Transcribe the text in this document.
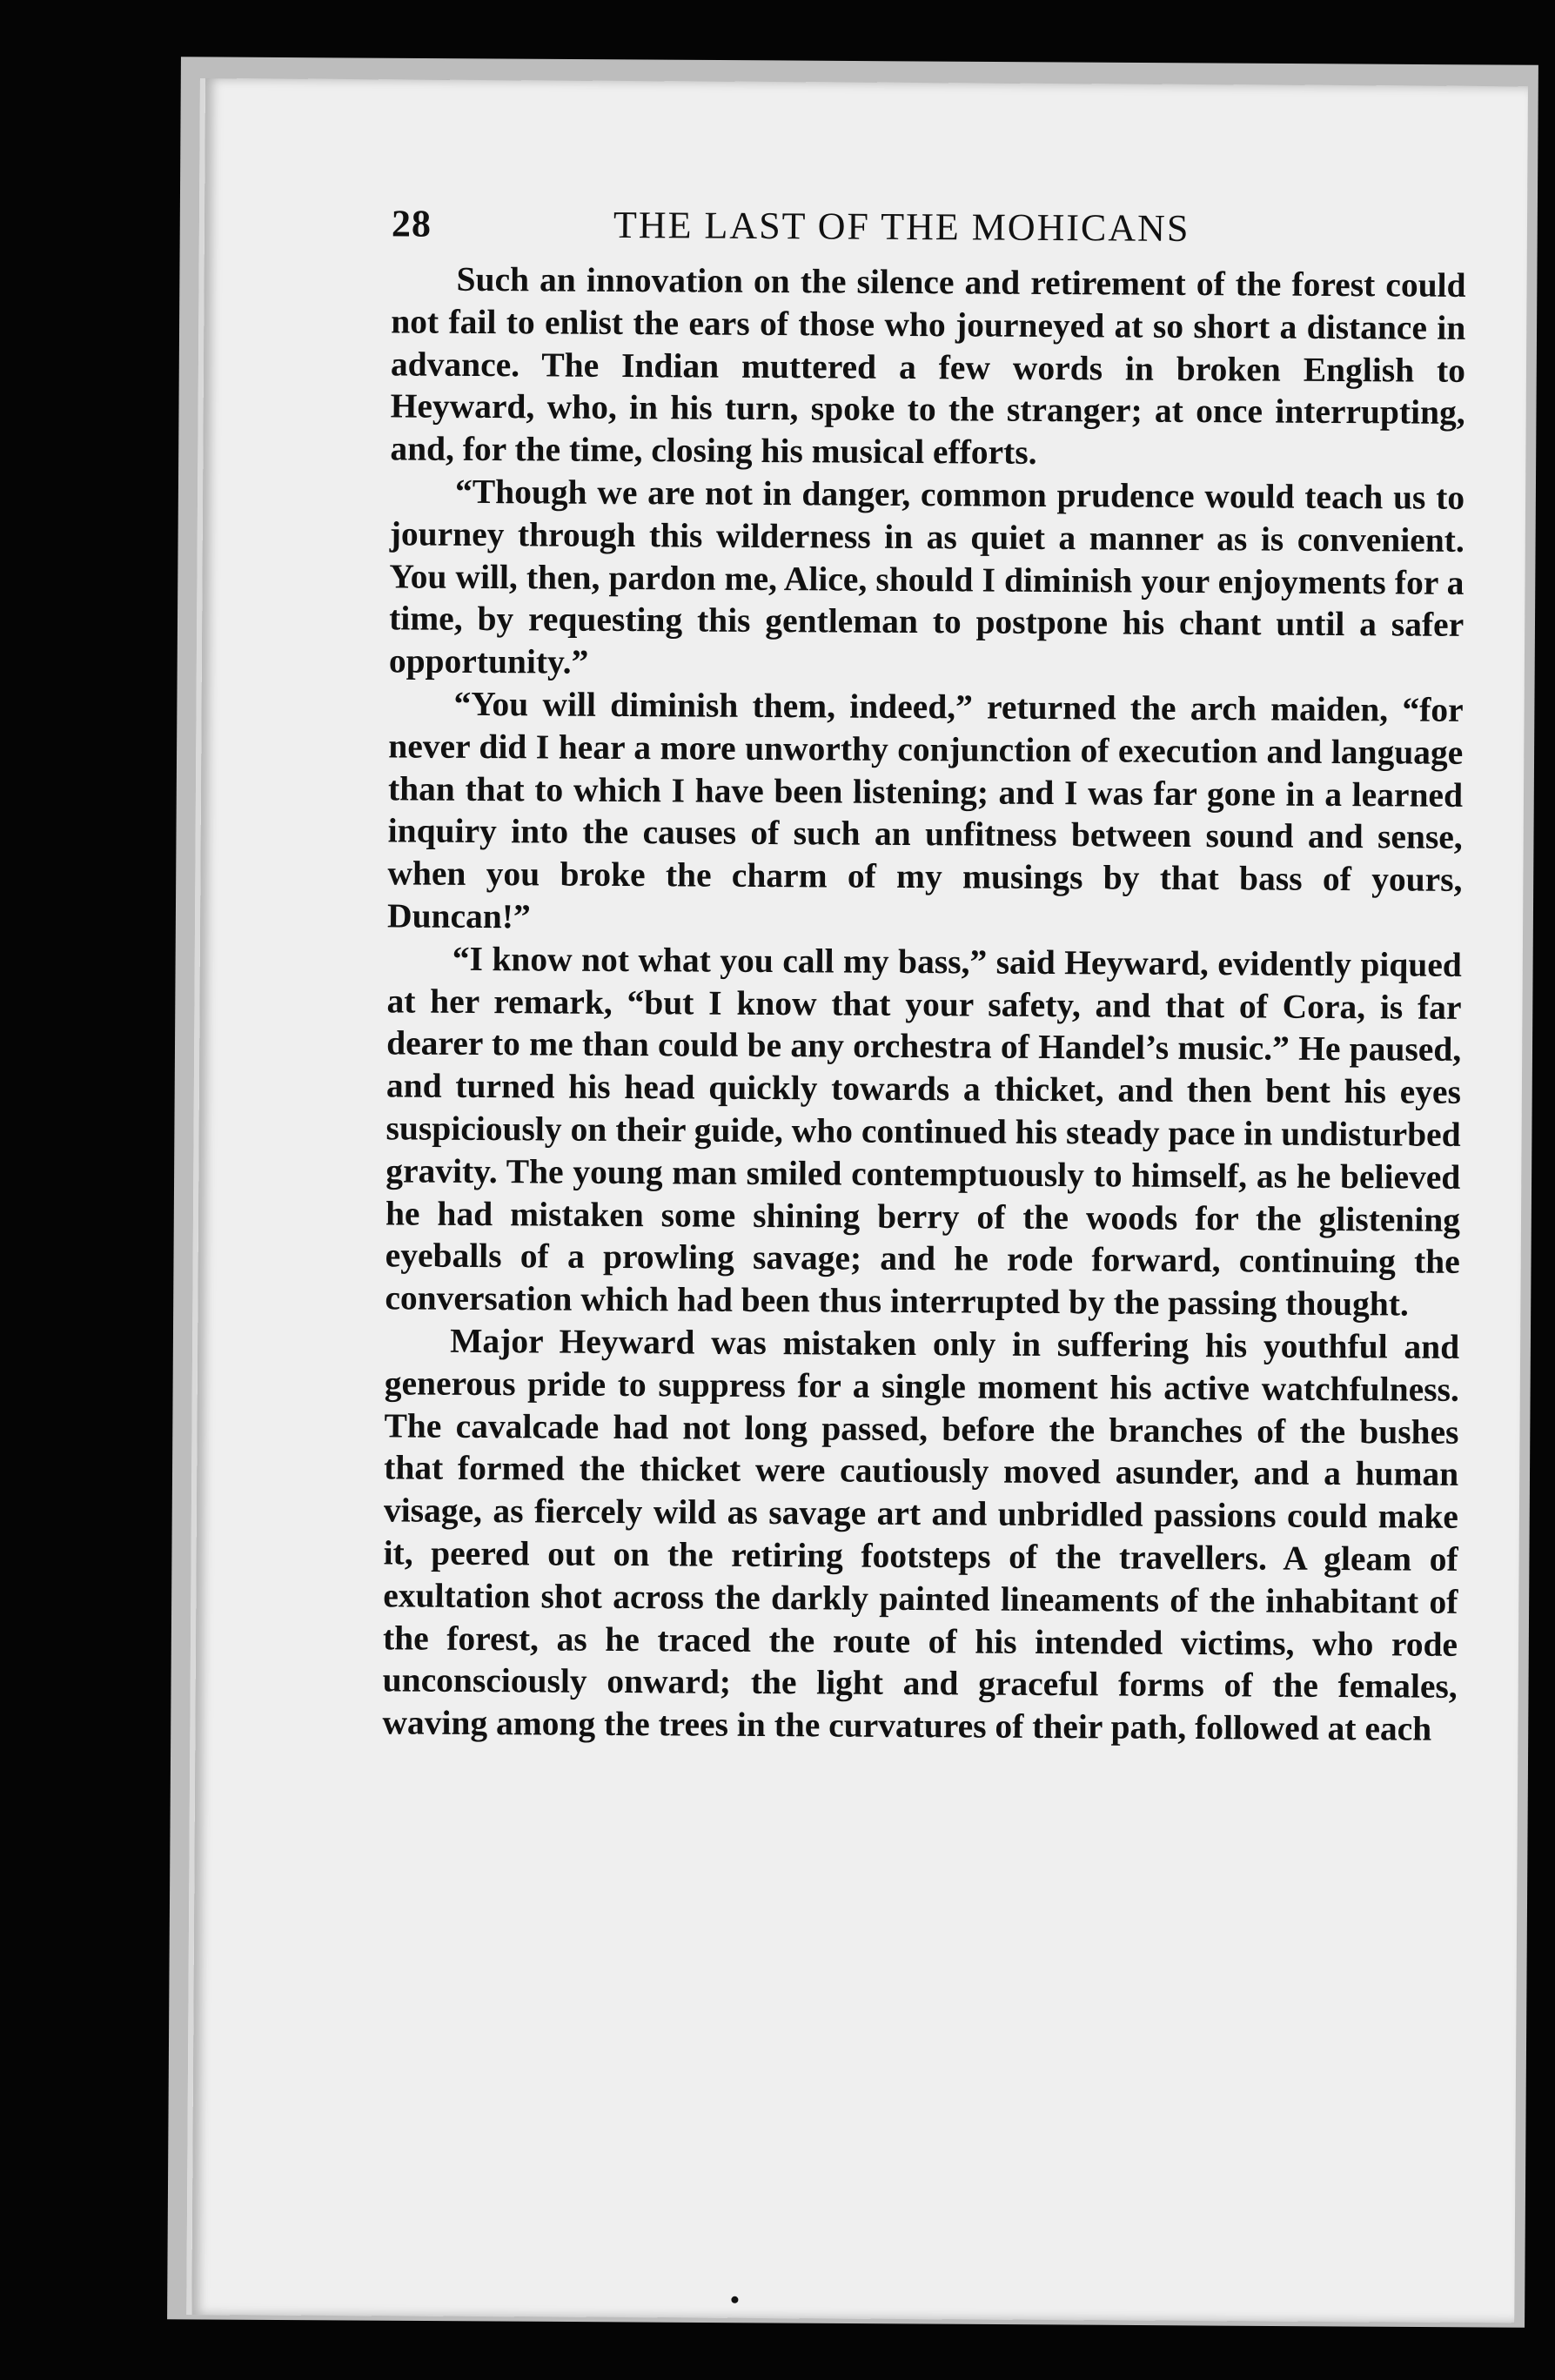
28	THE LAST OF THE MOHICANS

Such an innovation on the silence and retirement of the forest could not fail to enlist the ears of those who journeyed at so short a distance in advance. The Indian muttered a few words in broken English to Heyward, who, in his turn, spoke to the stranger; at once interrupting, and, for the time, closing his musical efforts.

“Though we are not in danger, common prudence would teach us to journey through this wilderness in as quiet a manner as is convenient. You will, then, pardon me, Alice, should I diminish your enjoyments for a time, by requesting this gentleman to postpone his chant until a safer opportunity.”

“You will diminish them, indeed,” returned the arch maiden, “for never did I hear a more unworthy conjunction of execution and language than that to which I have been listening; and I was far gone in a learned inquiry into the causes of such an unfitness between sound and sense, when you broke the charm of my musings by that bass of yours, Duncan!”

“I know not what you call my bass,” said Heyward, evidently piqued at her remark, “but I know that your safety, and that of Cora, is far dearer to me than could be any orchestra of Handel’s music.” He paused, and turned his head quickly towards a thicket, and then bent his eyes suspiciously on their guide, who continued his steady pace in undisturbed gravity. The young man smiled contemptuously to himself, as he believed he had mistaken some shining berry of the woods for the glistening eyeballs of a prowling savage; and he rode forward, continuing the conversation which had been thus interrupted by the passing thought.

Major Heyward was mistaken only in suffering his youthful and generous pride to suppress for a single moment his active watchfulness. The cavalcade had not long passed, before the branches of the bushes that formed the thicket were cautiously moved asunder, and a human visage, as fiercely wild as savage art and unbridled passions could make it, peered out on the retiring footsteps of the travellers. A gleam of exultation shot across the darkly painted lineaments of the inhabitant of the forest, as he traced the route of his intended victims, who rode unconsciously onward; the light and graceful forms of the females, waving among the trees in the curvatures of their path, followed at each
